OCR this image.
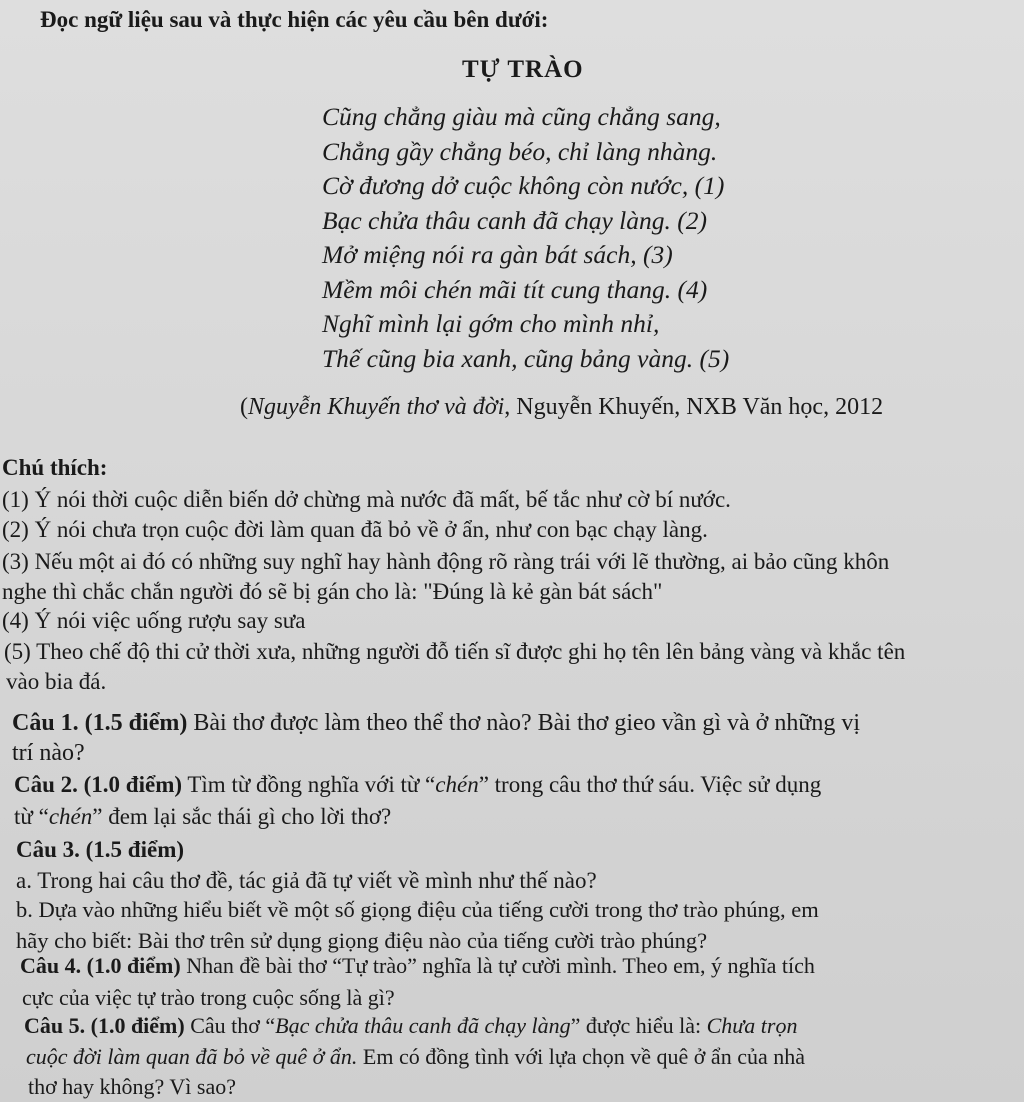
Đọc ngữ liệu sau và thực hiện các yêu cầu bên dưới:
TỰ TRÀO
Cũng chẳng giàu mà cũng chẳng sang,
Chẳng gầy chẳng béo, chỉ làng nhàng.
Cờ đương dở cuộc không còn nước, (1)
Bạc chửa thâu canh đã chạy làng. (2)
Mở miệng nói ra gàn bát sách, (3)
Mềm môi chén mãi tít cung thang. (4)
Nghĩ mình lại gớm cho mình nhỉ,
Thế cũng bia xanh, cũng bảng vàng. (5)
(Nguyễn Khuyến thơ và đời, Nguyễn Khuyến, NXB Văn học, 2012
Chú thích:
(1) Ý nói thời cuộc diễn biến dở chừng mà nước đã mất, bế tắc như cờ bí nước.
(2) Ý nói chưa trọn cuộc đời làm quan đã bỏ về ở ẩn, như con bạc chạy làng.
(3) Nếu một ai đó có những suy nghĩ hay hành động rõ ràng trái với lẽ thường, ai bảo cũng khôn
nghe thì chắc chắn người đó sẽ bị gán cho là: "Đúng là kẻ gàn bát sách"
(4) Ý nói việc uống rượu say sưa
(5) Theo chế độ thi cử thời xưa, những người đỗ tiến sĩ được ghi họ tên lên bảng vàng và khắc tên
vào bia đá.
Câu 1. (1.5 điểm) Bài thơ được làm theo thể thơ nào? Bài thơ gieo vần gì và ở những vị
trí nào?
Câu 2. (1.0 điểm) Tìm từ đồng nghĩa với từ “chén” trong câu thơ thứ sáu. Việc sử dụng
từ “chén” đem lại sắc thái gì cho lời thơ?
Câu 3. (1.5 điểm)
a. Trong hai câu thơ đề, tác giả đã tự viết về mình như thế nào?
b. Dựa vào những hiểu biết về một số giọng điệu của tiếng cười trong thơ trào phúng, em
hãy cho biết: Bài thơ trên sử dụng giọng điệu nào của tiếng cười trào phúng?
Câu 4. (1.0 điểm) Nhan đề bài thơ “Tự trào” nghĩa là tự cười mình. Theo em, ý nghĩa tích
cực của việc tự trào trong cuộc sống là gì?
Câu 5. (1.0 điểm) Câu thơ “Bạc chửa thâu canh đã chạy làng” được hiểu là: Chưa trọn
cuộc đời làm quan đã bỏ về quê ở ẩn. Em có đồng tình với lựa chọn về quê ở ẩn của nhà
thơ hay không? Vì sao?
